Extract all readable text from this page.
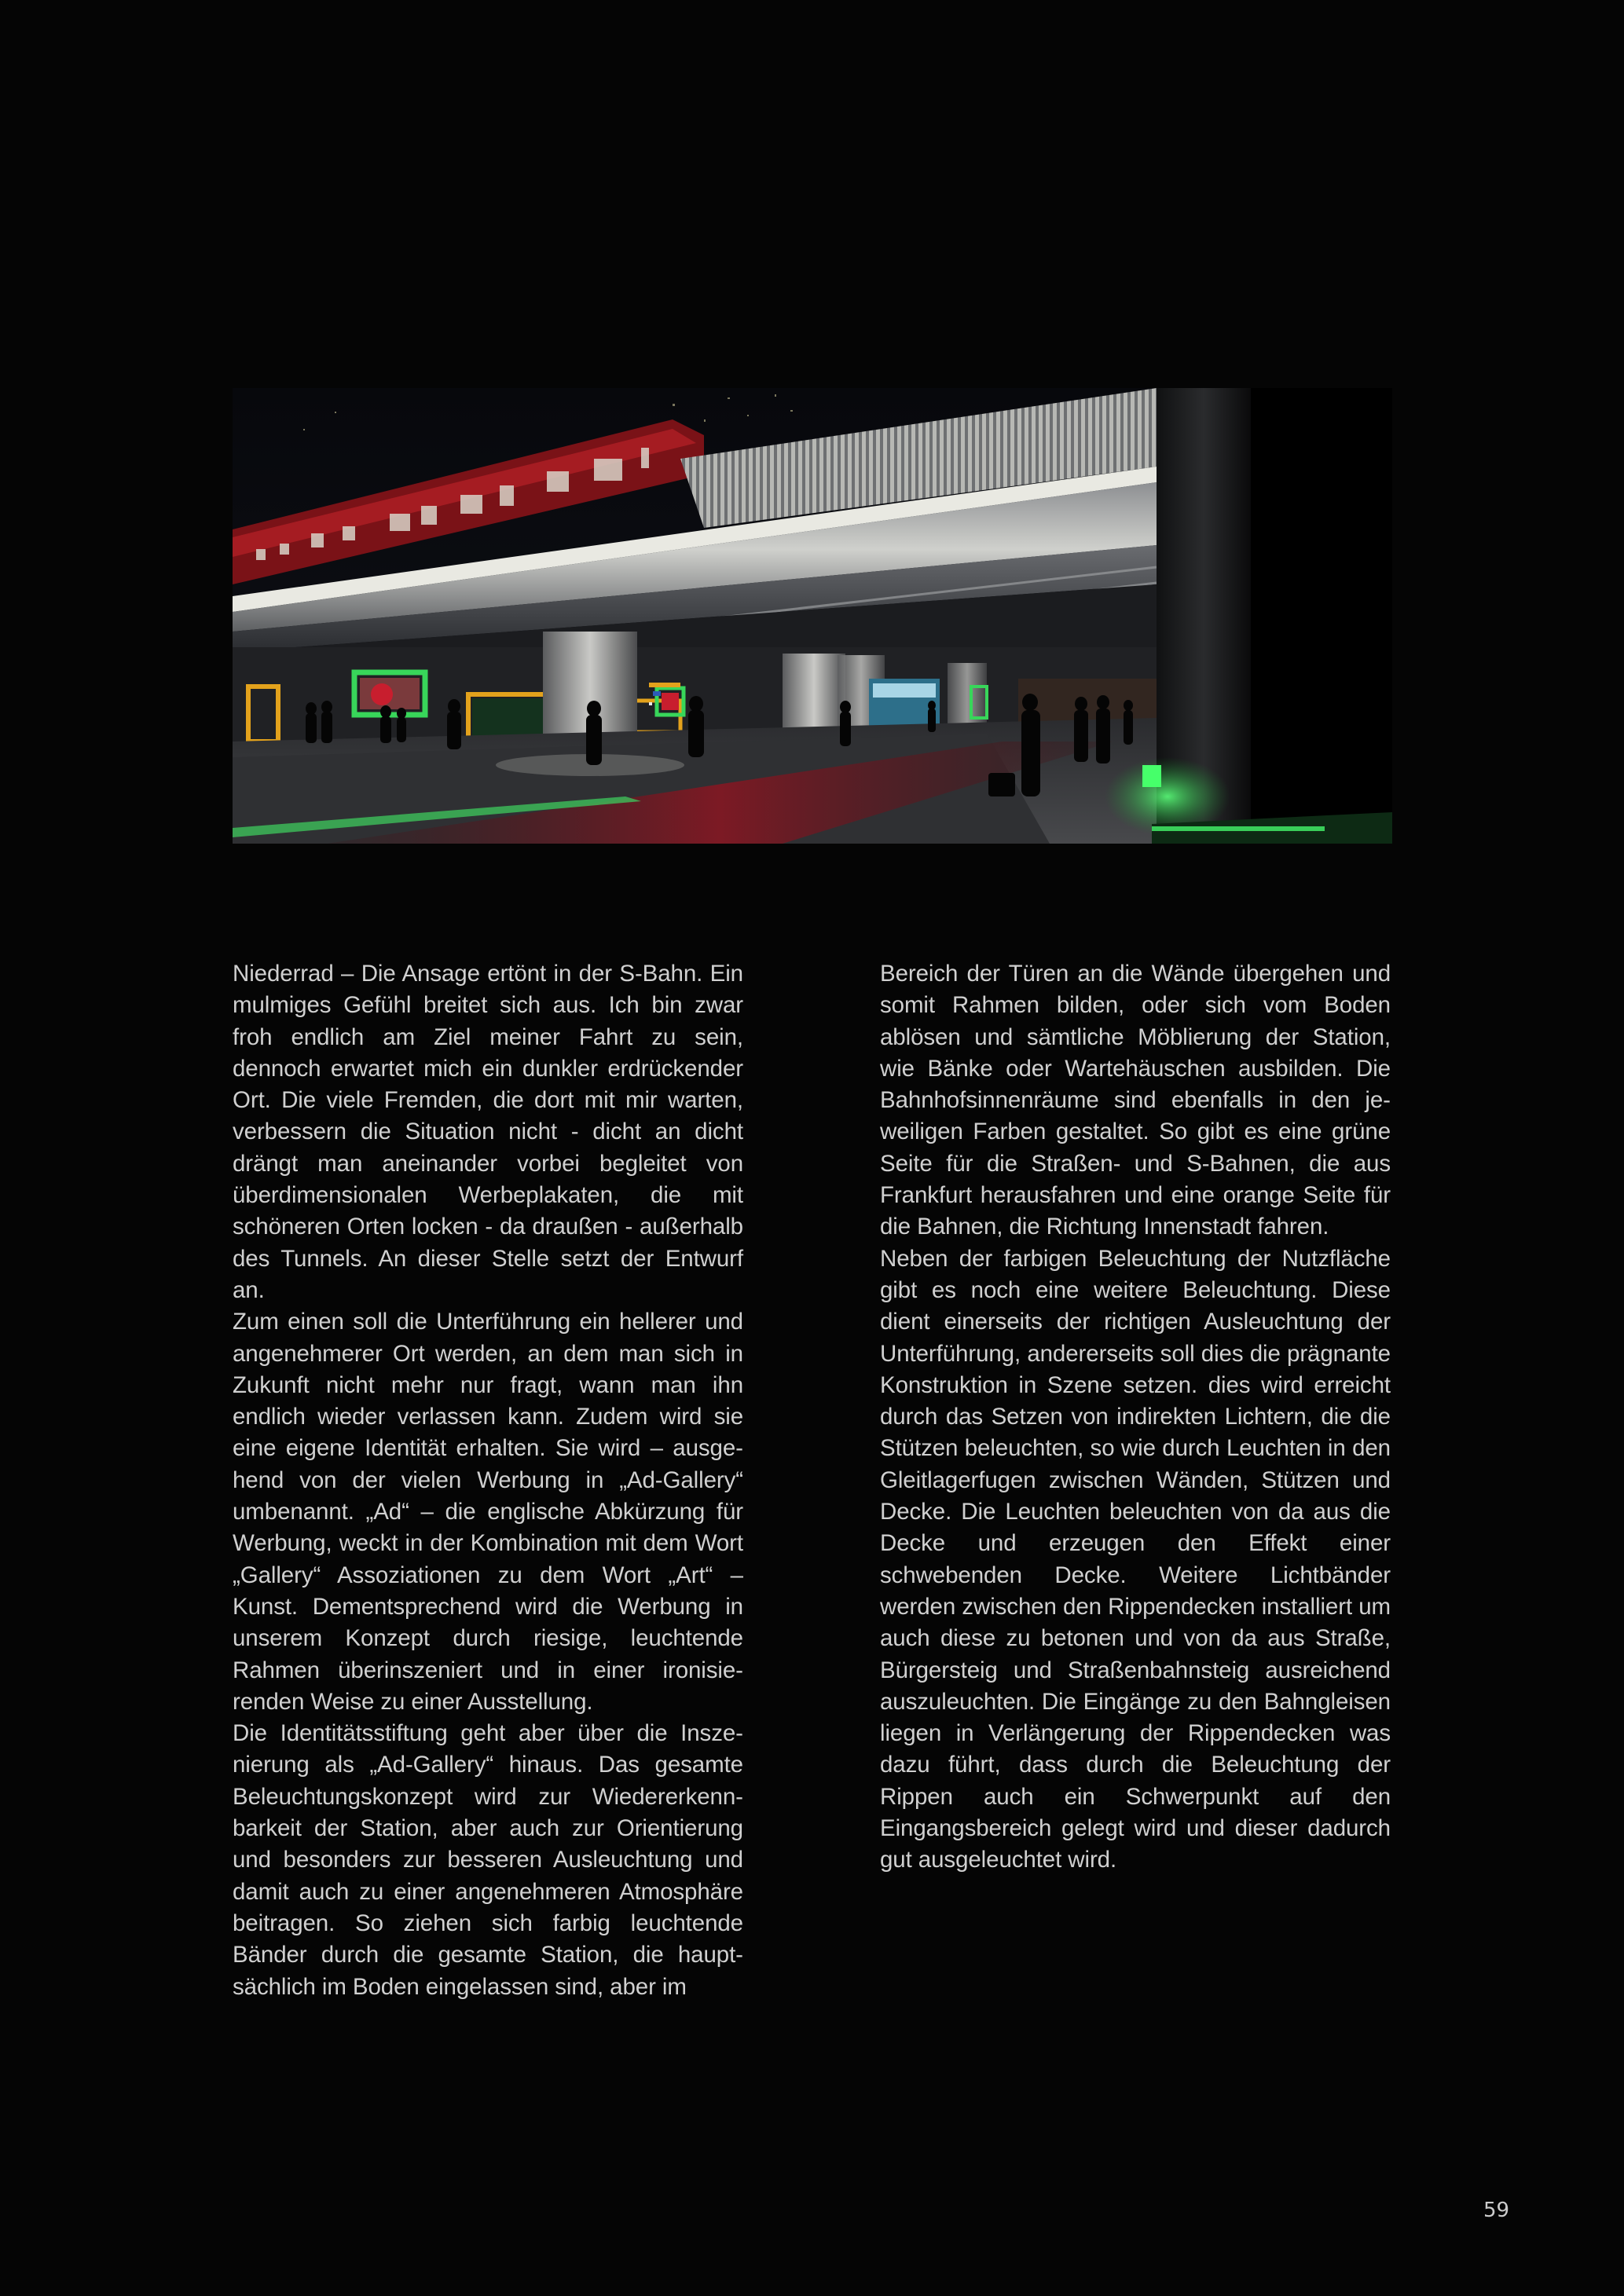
Niederrad – Die Ansage ertönt in der S-Bahn. Ein mulmiges Gefühl breitet sich aus. Ich bin zwar froh endlich am Ziel meiner Fahrt zu sein, dennoch erwartet mich ein dunkler erdrückender Ort. Die viele Fremden, die dort mit mir warten, verbessern die Situation nicht - dicht an dicht drängt man aneinander vorbei begleitet von überdimensionalen Werbeplakaten, die mit schöneren Orten locken - da draußen - außerhalb des Tunnels. An dieser Stelle setzt der Entwurf an.

Zum einen soll die Unterführung ein hellerer und angenehmerer Ort werden, an dem man sich in Zukunft nicht mehr nur fragt, wann man ihn endlich wieder verlassen kann. Zudem wird sie eine eigene Identität erhalten. Sie wird – ausgehend von der vielen Werbung in „Ad-Gallery“ umbenannt. „Ad“ – die englische Abkürzung für Werbung, weckt in der Kombination mit dem Wort „Gallery“ Assoziationen zu dem Wort „Art“ – Kunst. Dementsprechend wird die Werbung in unserem Konzept durch riesige, leuchtende Rahmen überinszeniert und in einer ironisierenden Weise zu einer Ausstellung.

Die Identitätsstiftung geht aber über die Inszenierung als „Ad-Gallery“ hinaus. Das gesamte Beleuchtungskonzept wird zur Wiedererkennbarkeit der Station, aber auch zur Orientierung und besonders zur besseren Ausleuchtung und damit auch zu einer angenehmeren Atmosphäre beitragen. So ziehen sich farbig leuchtende Bänder durch die gesamte Station, die hauptsächlich im Boden eingelassen sind, aber im

Bereich der Türen an die Wände übergehen und somit Rahmen bilden, oder sich vom Boden ablösen und sämtliche Möblierung der Station, wie Bänke oder Wartehäuschen ausbilden. Die Bahnhofsinnenräume sind ebenfalls in den jeweiligen Farben gestaltet. So gibt es eine grüne Seite für die Straßen- und S-Bahnen, die aus Frankfurt herausfahren und eine orange Seite für die Bahnen, die Richtung Innenstadt fahren.

Neben der farbigen Beleuchtung der Nutzfläche gibt es noch eine weitere Beleuchtung. Diese dient einerseits der richtigen Ausleuchtung der Unterführung, andererseits soll dies die prägnante Konstruktion in Szene setzen. dies wird erreicht durch das Setzen von indirekten Lichtern, die die Stützen beleuchten, so wie durch Leuchten in den Gleitlagerfugen zwischen Wänden, Stützen und Decke. Die Leuchten beleuchten von da aus die Decke und erzeugen den Effekt einer schwebenden Decke. Weitere Lichtbänder werden zwischen den Rippendecken installiert um auch diese zu betonen und von da aus Straße, Bürgersteig und Straßenbahnsteig ausreichend auszuleuchten. Die Eingänge zu den Bahngleisen liegen in Verlängerung der Rippendecken was dazu führt, dass durch die Beleuchtung der Rippen auch ein Schwerpunkt auf den Eingangsbereich gelegt wird und dieser dadurch gut ausgeleuchtet wird.

59
